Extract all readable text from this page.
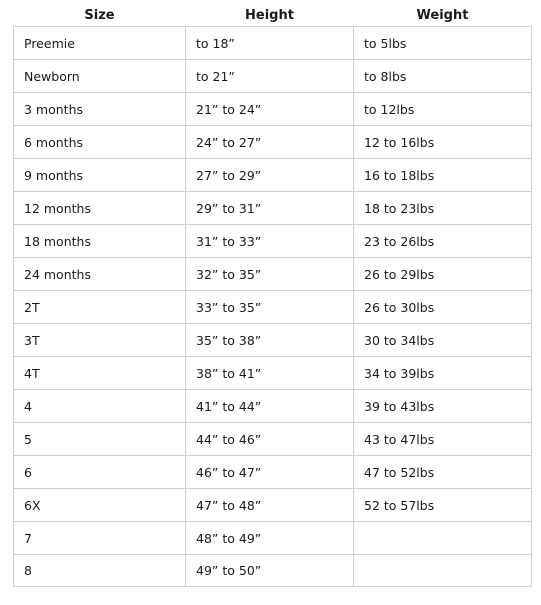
Size	Height	Weight
Preemie	to 18”	to 5lbs
Newborn	to 21”	to 8lbs
3 months	21” to 24”	to 12lbs
6 months	24” to 27”	12 to 16lbs
9 months	27” to 29”	16 to 18lbs
12 months	29” to 31”	18 to 23lbs
18 months	31” to 33”	23 to 26lbs
24 months	32” to 35”	26 to 29lbs
2T	33” to 35”	26 to 30lbs
3T	35” to 38”	30 to 34lbs
4T	38” to 41”	34 to 39lbs
4	41” to 44”	39 to 43lbs
5	44” to 46”	43 to 47lbs
6	46” to 47”	47 to 52lbs
6X	47” to 48”	52 to 57lbs
7	48” to 49”	
8	49” to 50”	
